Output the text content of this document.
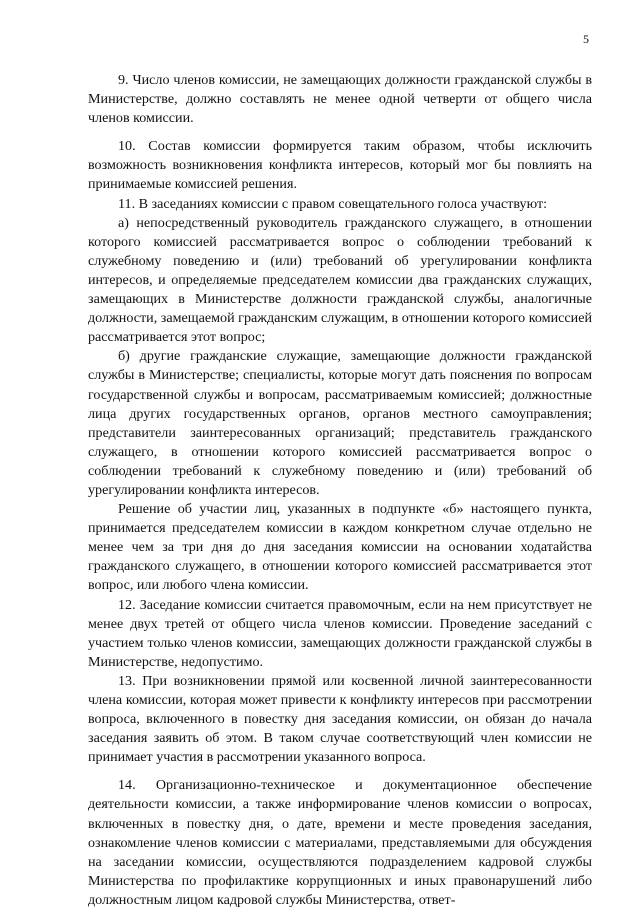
5

9. Число членов комиссии, не замещающих должности гражданской службы в Министерстве, должно составлять не менее одной четверти от общего числа членов комиссии.

10. Состав комиссии формируется таким образом, чтобы исключить возможность возникновения конфликта интересов, который мог бы повлиять на принимаемые комиссией решения.

11. В заседаниях комиссии с правом совещательного голоса участвуют:

а) непосредственный руководитель гражданского служащего, в отношении которого комиссией рассматривается вопрос о соблюдении требований к служебному поведению и (или) требований об урегулировании конфликта интересов, и определяемые председателем комиссии два гражданских служащих, замещающих в Министерстве должности гражданской службы, аналогичные должности, замещаемой гражданским служащим, в отношении которого комиссией рассматривается этот вопрос;

б) другие гражданские служащие, замещающие должности гражданской службы в Министерстве; специалисты, которые могут дать пояснения по вопросам государственной службы и вопросам, рассматриваемым комиссией; должностные лица других государственных органов, органов местного самоуправления; представители заинтересованных организаций; представитель гражданского служащего, в отношении которого комиссией рассматривается вопрос о соблюдении требований к служебному поведению и (или) требований об урегулировании конфликта интересов.

Решение об участии лиц, указанных в подпункте «б» настоящего пункта, принимается председателем комиссии в каждом конкретном случае отдельно не менее чем за три дня до дня заседания комиссии на основании ходатайства гражданского служащего, в отношении которого комиссией рассматривается этот вопрос, или любого члена комиссии.

12. Заседание комиссии считается правомочным, если на нем присутствует не менее двух третей от общего числа членов комиссии. Проведение заседаний с участием только членов комиссии, замещающих должности гражданской службы в Министерстве, недопустимо.

13. При возникновении прямой или косвенной личной заинтересованности члена комиссии, которая может привести к конфликту интересов при рассмотрении вопроса, включенного в повестку дня заседания комиссии, он обязан до начала заседания заявить об этом. В таком случае соответствующий член комиссии не принимает участия в рассмотрении указанного вопроса.

14. Организационно-техническое и документационное обеспечение деятельности комиссии, а также информирование членов комиссии о вопросах, включенных в повестку дня, о дате, времени и месте проведения заседания, ознакомление членов комиссии с материалами, представляемыми для обсуждения на заседании комиссии, осуществляются подразделением кадровой службы Министерства по профилактике коррупционных и иных правонарушений либо должностным лицом кадровой службы Министерства, ответ-
